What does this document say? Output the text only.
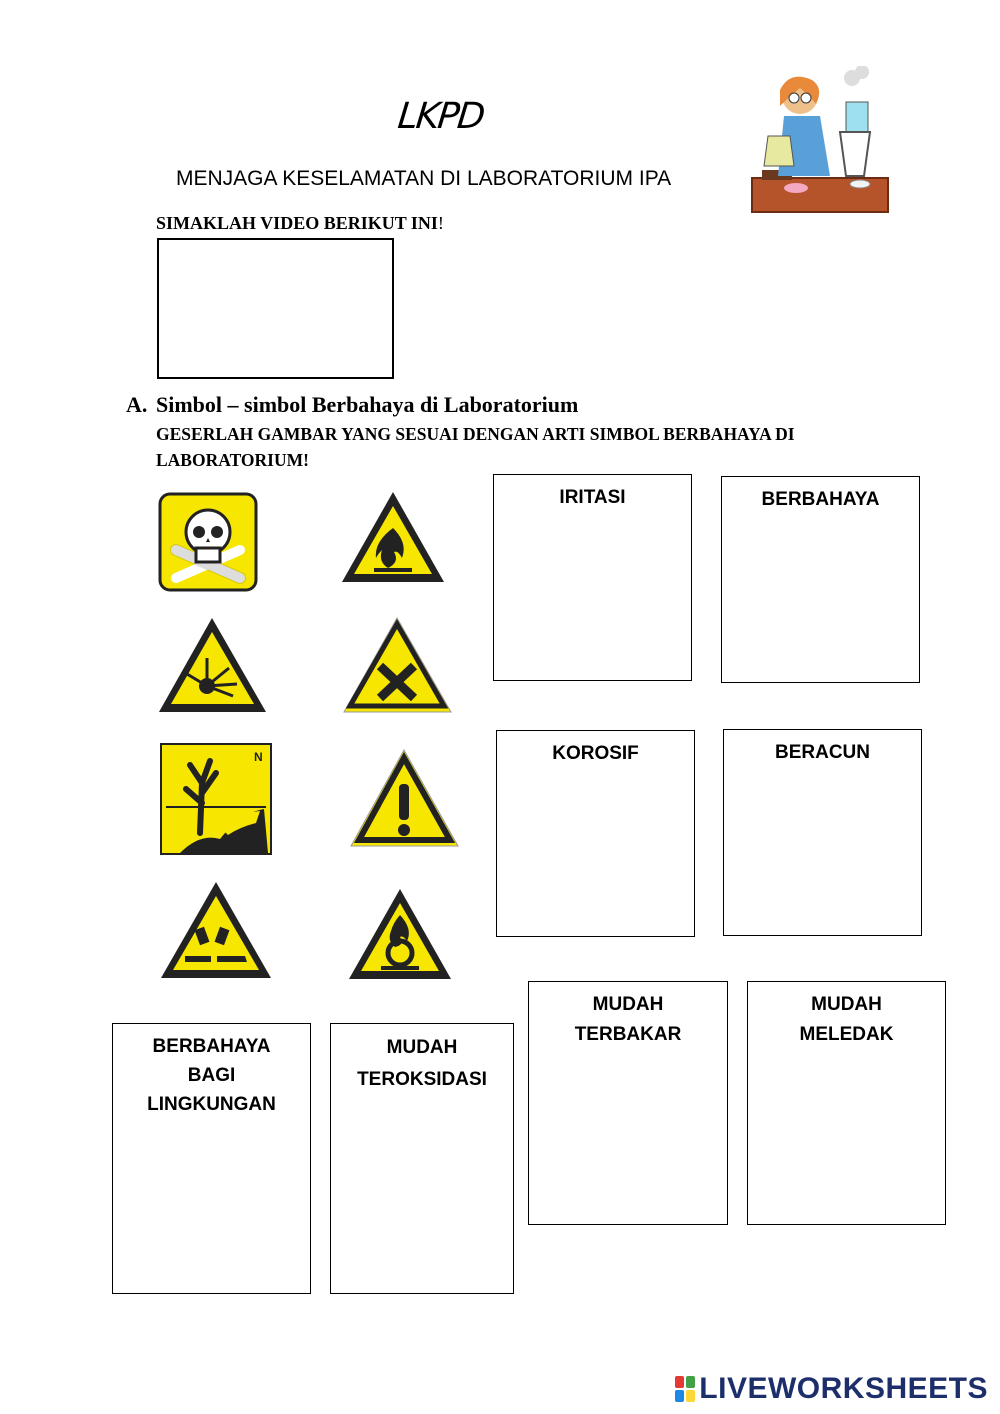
LKPD
MENJAGA KESELAMATAN DI LABORATORIUM IPA
SIMAKLAH VIDEO BERIKUT INI!
A. Simbol – simbol Berbahaya di Laboratorium
GESERLAH GAMBAR YANG SESUAI DENGAN ARTI SIMBOL BERBAHAYA DI LABORATORIUM!
N
IRITASI	BERBAHAYA
KOROSIF	BERACUN
MUDAH
TERBAKAR
MUDAH
MELEDAK
BERBAHAYA
BAGI
LINGKUNGAN
MUDAH
TEROKSIDASI
LIVEWORKSHEETS
